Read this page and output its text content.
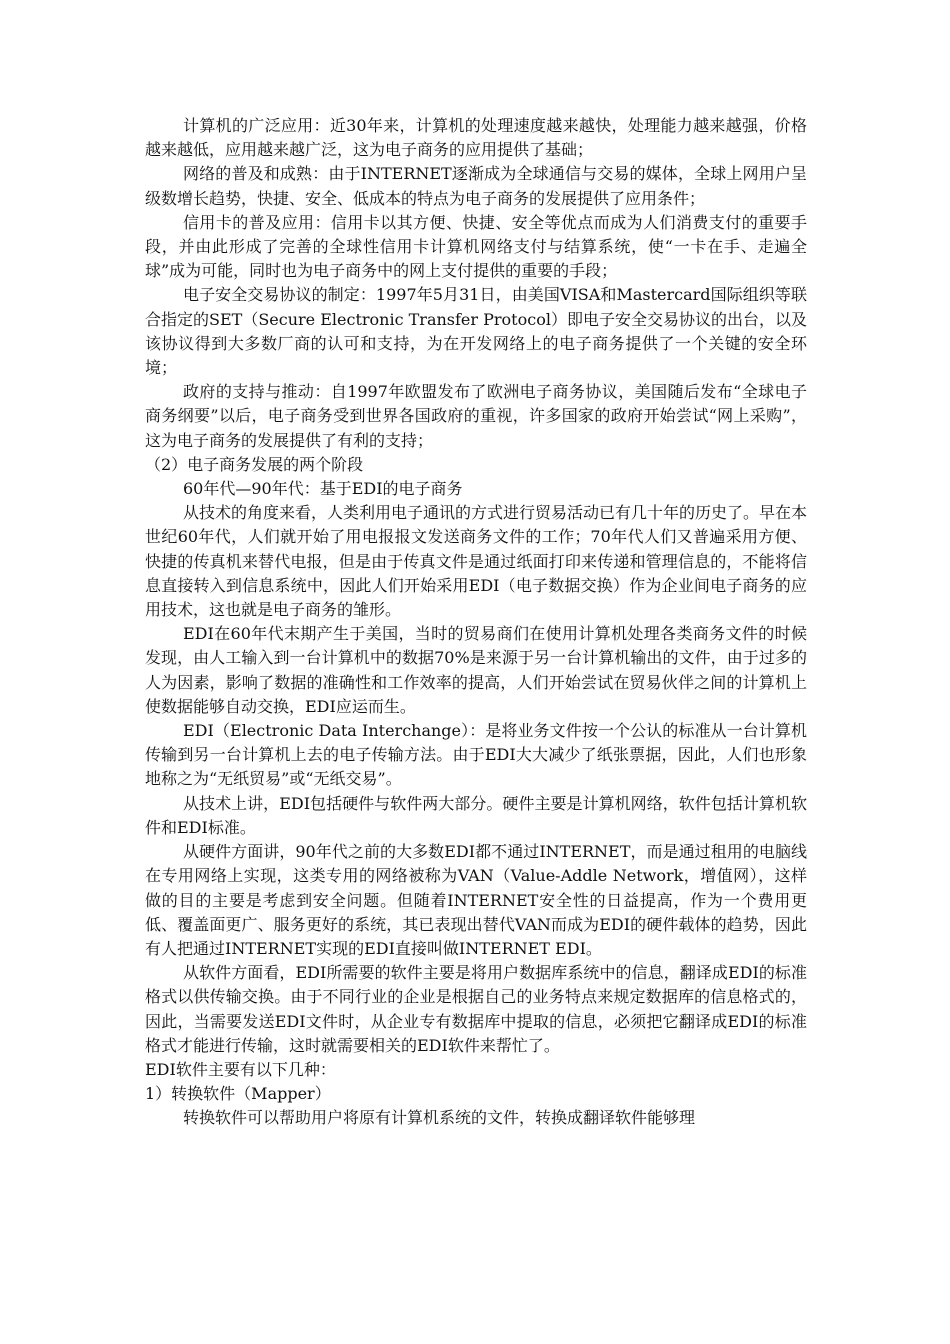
计算机的广泛应用：近30年来，计算机的处理速度越来越快，处理能力越来越强，价格越来越低，应用越来越广泛，这为电子商务的应用提供了基础；

网络的普及和成熟：由于INTERNET逐渐成为全球通信与交易的媒体，全球上网用户呈级数增长趋势，快捷、安全、低成本的特点为电子商务的发展提供了应用条件；

信用卡的普及应用：信用卡以其方便、快捷、安全等优点而成为人们消费支付的重要手段，并由此形成了完善的全球性信用卡计算机网络支付与结算系统，使“一卡在手、走遍全球”成为可能，同时也为电子商务中的网上支付提供的重要的手段；

电子安全交易协议的制定：1997年5月31日，由美国VISA和Mastercard国际组织等联合指定的SET（Secure Electronic Transfer Protocol）即电子安全交易协议的出台，以及该协议得到大多数厂商的认可和支持，为在开发网络上的电子商务提供了一个关键的安全环境；

政府的支持与推动：自1997年欧盟发布了欧洲电子商务协议，美国随后发布“全球电子商务纲要”以后，电子商务受到世界各国政府的重视，许多国家的政府开始尝试“网上采购”，这为电子商务的发展提供了有利的支持；

（2）电子商务发展的两个阶段

60年代—90年代：基于EDI的电子商务

从技术的角度来看，人类利用电子通讯的方式进行贸易活动已有几十年的历史了。早在本世纪60年代，人们就开始了用电报报文发送商务文件的工作；70年代人们又普遍采用方便、快捷的传真机来替代电报，但是由于传真文件是通过纸面打印来传递和管理信息的，不能将信息直接转入到信息系统中，因此人们开始采用EDI（电子数据交换）作为企业间电子商务的应用技术，这也就是电子商务的雏形。

EDI在60年代末期产生于美国，当时的贸易商们在使用计算机处理各类商务文件的时候发现，由人工输入到一台计算机中的数据70%是来源于另一台计算机输出的文件，由于过多的人为因素，影响了数据的准确性和工作效率的提高，人们开始尝试在贸易伙伴之间的计算机上使数据能够自动交换，EDI应运而生。

EDI（Electronic Data Interchange）：是将业务文件按一个公认的标准从一台计算机传输到另一台计算机上去的电子传输方法。由于EDI大大减少了纸张票据，因此，人们也形象地称之为“无纸贸易”或“无纸交易”。

从技术上讲，EDI包括硬件与软件两大部分。硬件主要是计算机网络，软件包括计算机软件和EDI标准。

从硬件方面讲，90年代之前的大多数EDI都不通过INTERNET，而是通过租用的电脑线在专用网络上实现，这类专用的网络被称为VAN（Value-Addle Network，增值网），这样做的目的主要是考虑到安全问题。但随着INTERNET安全性的日益提高，作为一个费用更低、覆盖面更广、服务更好的系统，其已表现出替代VAN而成为EDI的硬件载体的趋势，因此有人把通过INTERNET实现的EDI直接叫做INTERNET EDI。

从软件方面看，EDI所需要的软件主要是将用户数据库系统中的信息，翻译成EDI的标准格式以供传输交换。由于不同行业的企业是根据自己的业务特点来规定数据库的信息格式的，因此，当需要发送EDI文件时，从企业专有数据库中提取的信息，必须把它翻译成EDI的标准格式才能进行传输，这时就需要相关的EDI软件来帮忙了。

EDI软件主要有以下几种：

1）转换软件（Mapper）

转换软件可以帮助用户将原有计算机系统的文件，转换成翻译软件能够理
